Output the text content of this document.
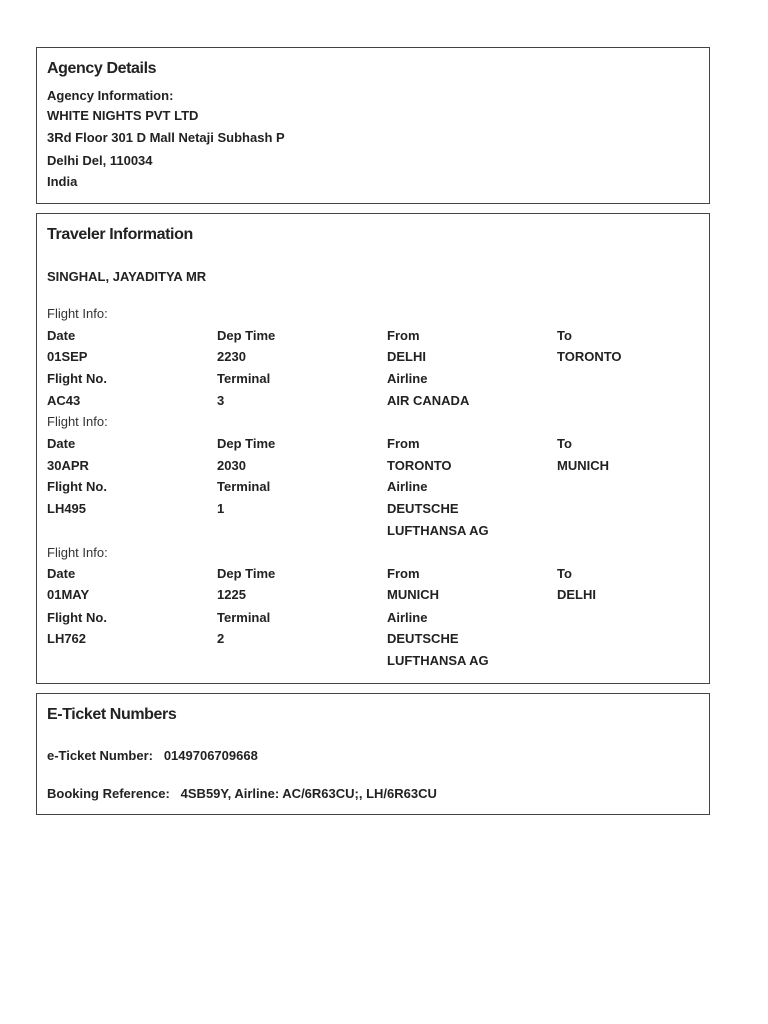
Agency Details
Agency Information:
WHITE NIGHTS PVT LTD
3Rd Floor 301 D Mall Netaji Subhash P
Delhi Del, 110034
India
Traveler Information
SINGHAL, JAYADITYA MR
Flight Info:
Date	Dep Time	From	To
01SEP	2230	DELHI	TORONTO
Flight No.	Terminal	Airline
AC43	3	AIR CANADA
Flight Info:
Date	Dep Time	From	To
30APR	2030	TORONTO	MUNICH
Flight No.	Terminal	Airline
LH495	1	DEUTSCHE
LUFTHANSA AG
Flight Info:
Date	Dep Time	From	To
01MAY	1225	MUNICH	DELHI
Flight No.	Terminal	Airline
LH762	2	DEUTSCHE
LUFTHANSA AG
E-Ticket Numbers
e-Ticket Number: 0149706709668
Booking Reference: 4SB59Y, Airline: AC/6R63CU;, LH/6R63CU
